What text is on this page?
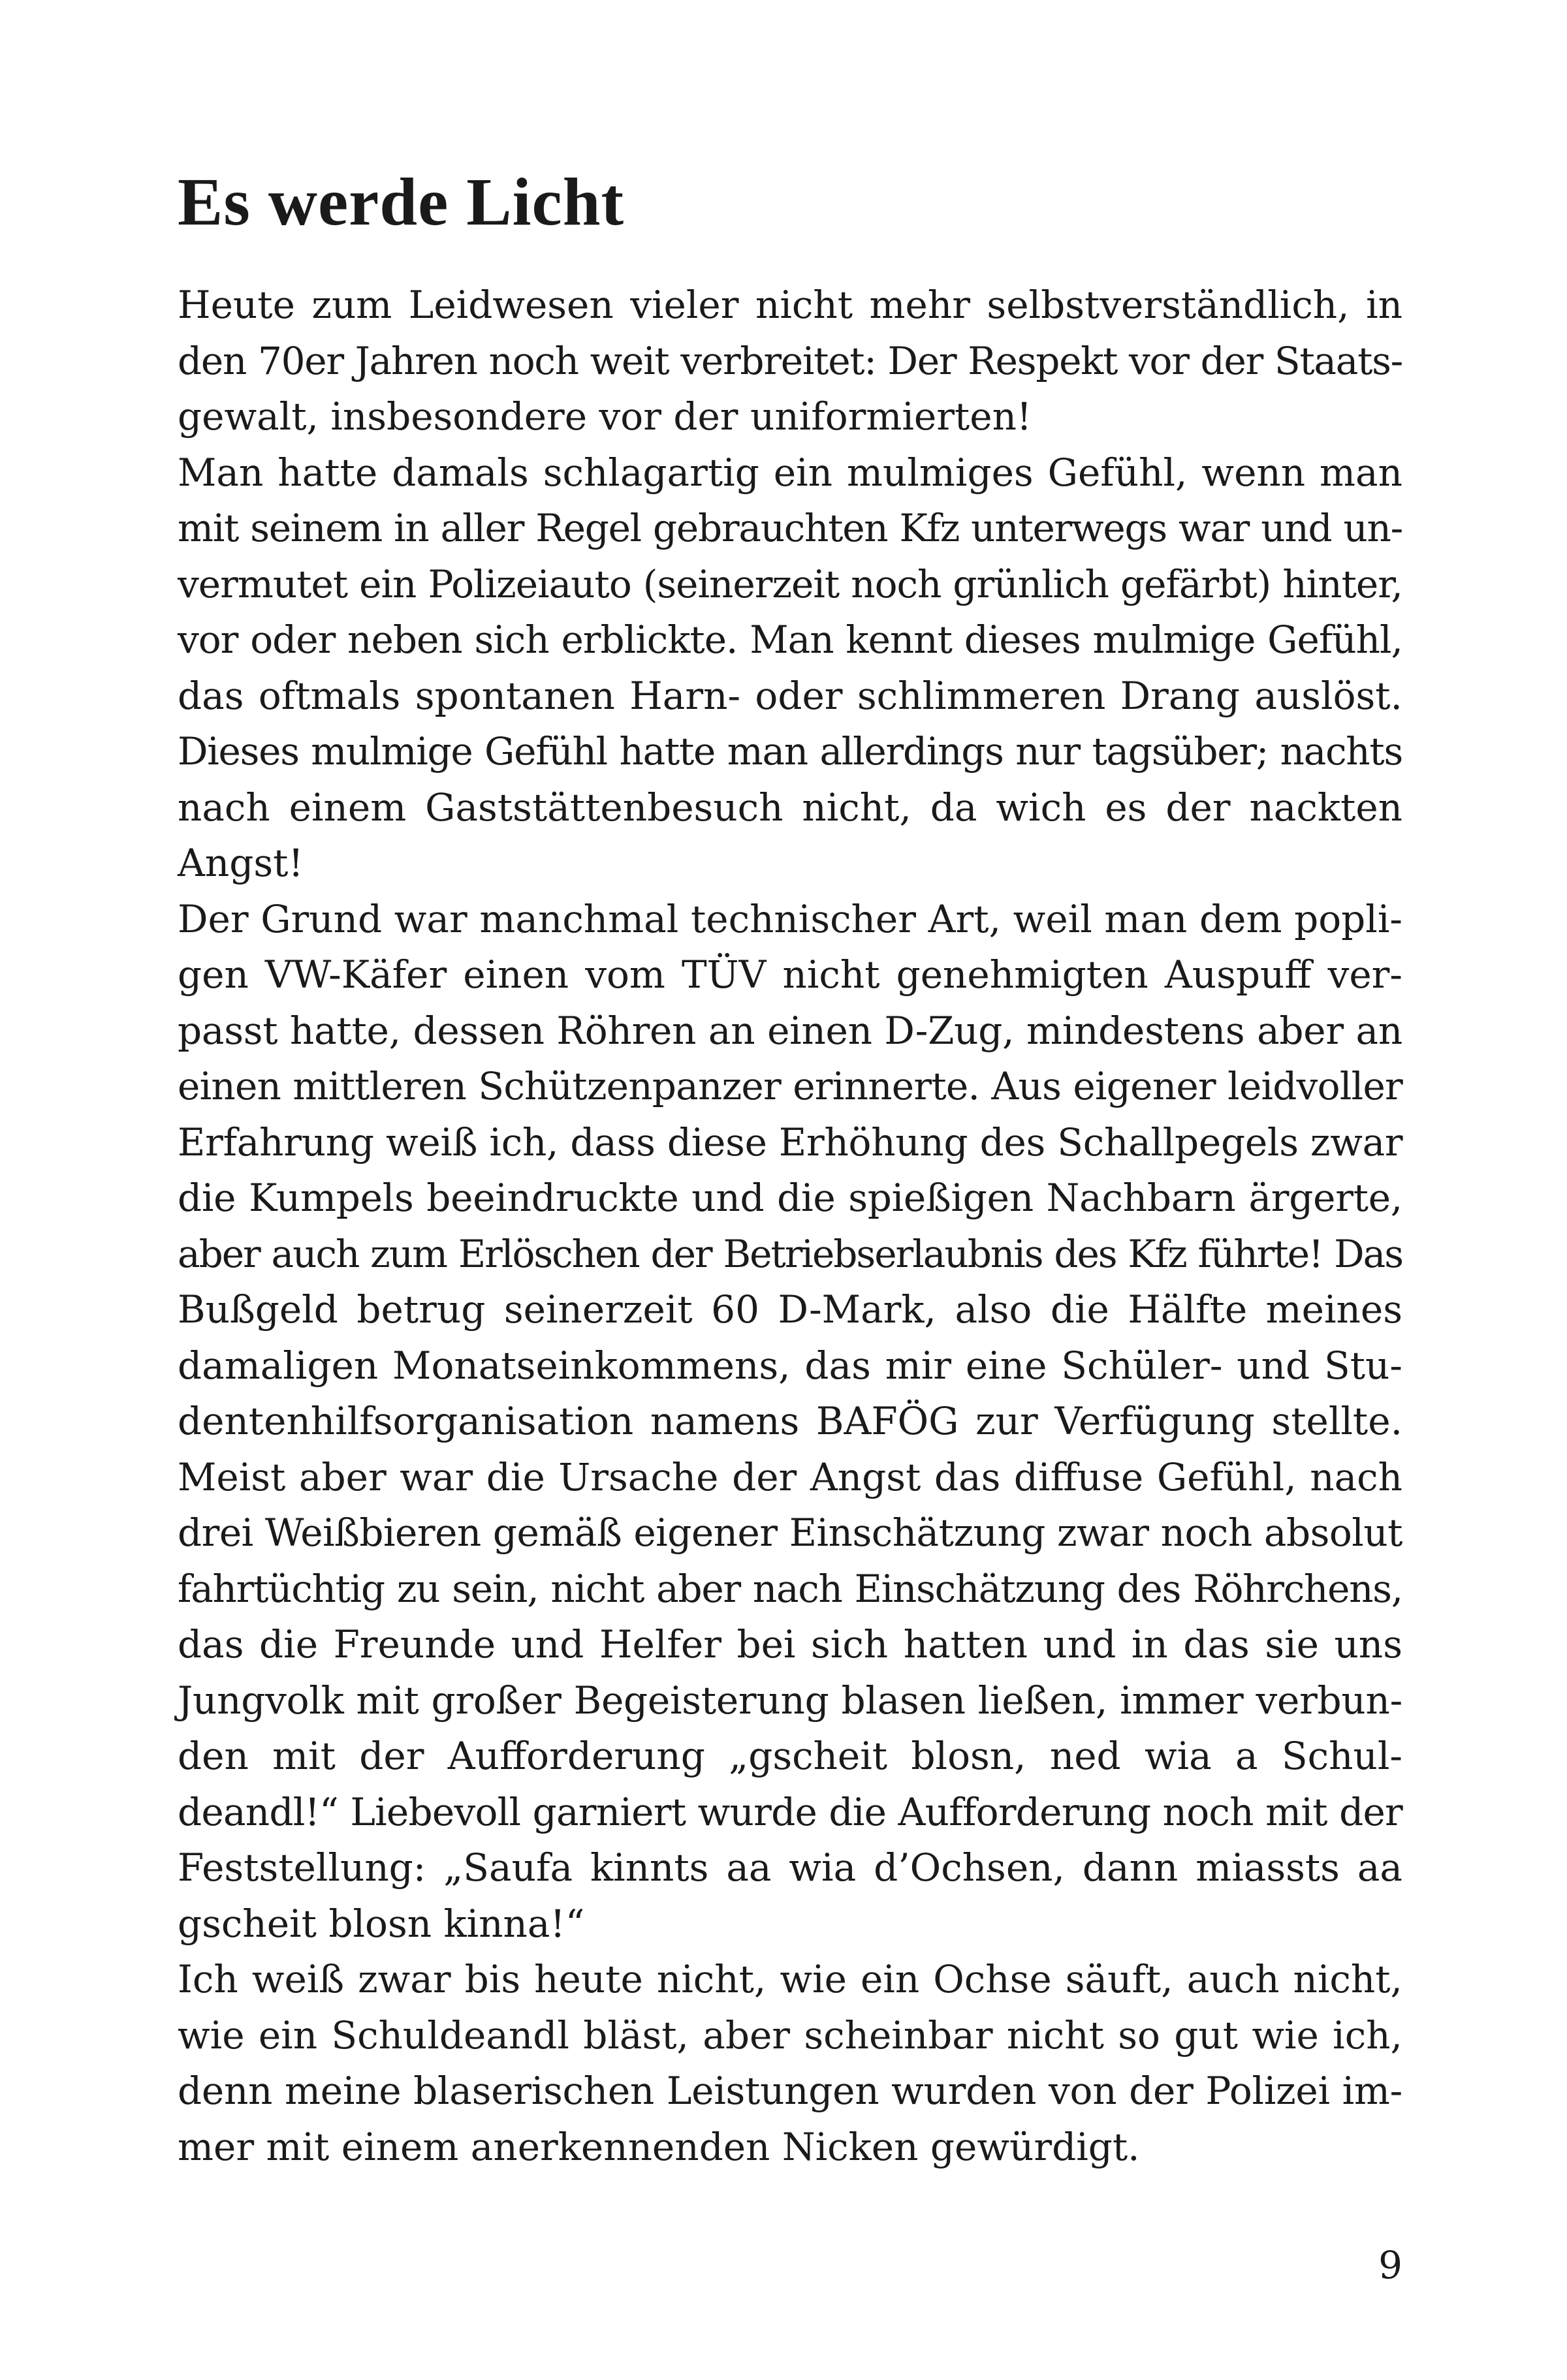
Es werde Licht
Heute zum Leidwesen vieler nicht mehr selbstverständlich, in
den 70er Jahren noch weit verbreitet: Der Respekt vor der Staats-
gewalt, insbesondere vor der uniformierten!
Man hatte damals schlagartig ein mulmiges Gefühl, wenn man
mit seinem in aller Regel gebrauchten Kfz unterwegs war und un-
vermutet ein Polizeiauto (seinerzeit noch grünlich gefärbt) hinter,
vor oder neben sich erblickte. Man kennt dieses mulmige Gefühl,
das oftmals spontanen Harn- oder schlimmeren Drang auslöst.
Dieses mulmige Gefühl hatte man allerdings nur tagsüber; nachts
nach einem Gaststättenbesuch nicht, da wich es der nackten
Angst!
Der Grund war manchmal technischer Art, weil man dem popli-
gen VW-Käfer einen vom TÜV nicht genehmigten Auspuff ver-
passt hatte, dessen Röhren an einen D-Zug, mindestens aber an
einen mittleren Schützenpanzer erinnerte. Aus eigener leidvoller
Erfahrung weiß ich, dass diese Erhöhung des Schallpegels zwar
die Kumpels beeindruckte und die spießigen Nachbarn ärgerte,
aber auch zum Erlöschen der Betriebserlaubnis des Kfz führte! Das
Bußgeld betrug seinerzeit 60 D-Mark, also die Hälfte meines
damaligen Monatseinkommens, das mir eine Schüler- und Stu-
dentenhilfsorganisation namens BAFÖG zur Verfügung stellte.
Meist aber war die Ursache der Angst das diffuse Gefühl, nach
drei Weißbieren gemäß eigener Einschätzung zwar noch absolut
fahrtüchtig zu sein, nicht aber nach Einschätzung des Röhrchens,
das die Freunde und Helfer bei sich hatten und in das sie uns
Jungvolk mit großer Begeisterung blasen ließen, immer verbun-
den mit der Aufforderung „gscheit blosn, ned wia a Schul-
deandl!“ Liebevoll garniert wurde die Aufforderung noch mit der
Feststellung: „Saufa kinnts aa wia d’Ochsen, dann miassts aa
gscheit blosn kinna!“
Ich weiß zwar bis heute nicht, wie ein Ochse säuft, auch nicht,
wie ein Schuldeandl bläst, aber scheinbar nicht so gut wie ich,
denn meine blaserischen Leistungen wurden von der Polizei im-
mer mit einem anerkennenden Nicken gewürdigt.
9
